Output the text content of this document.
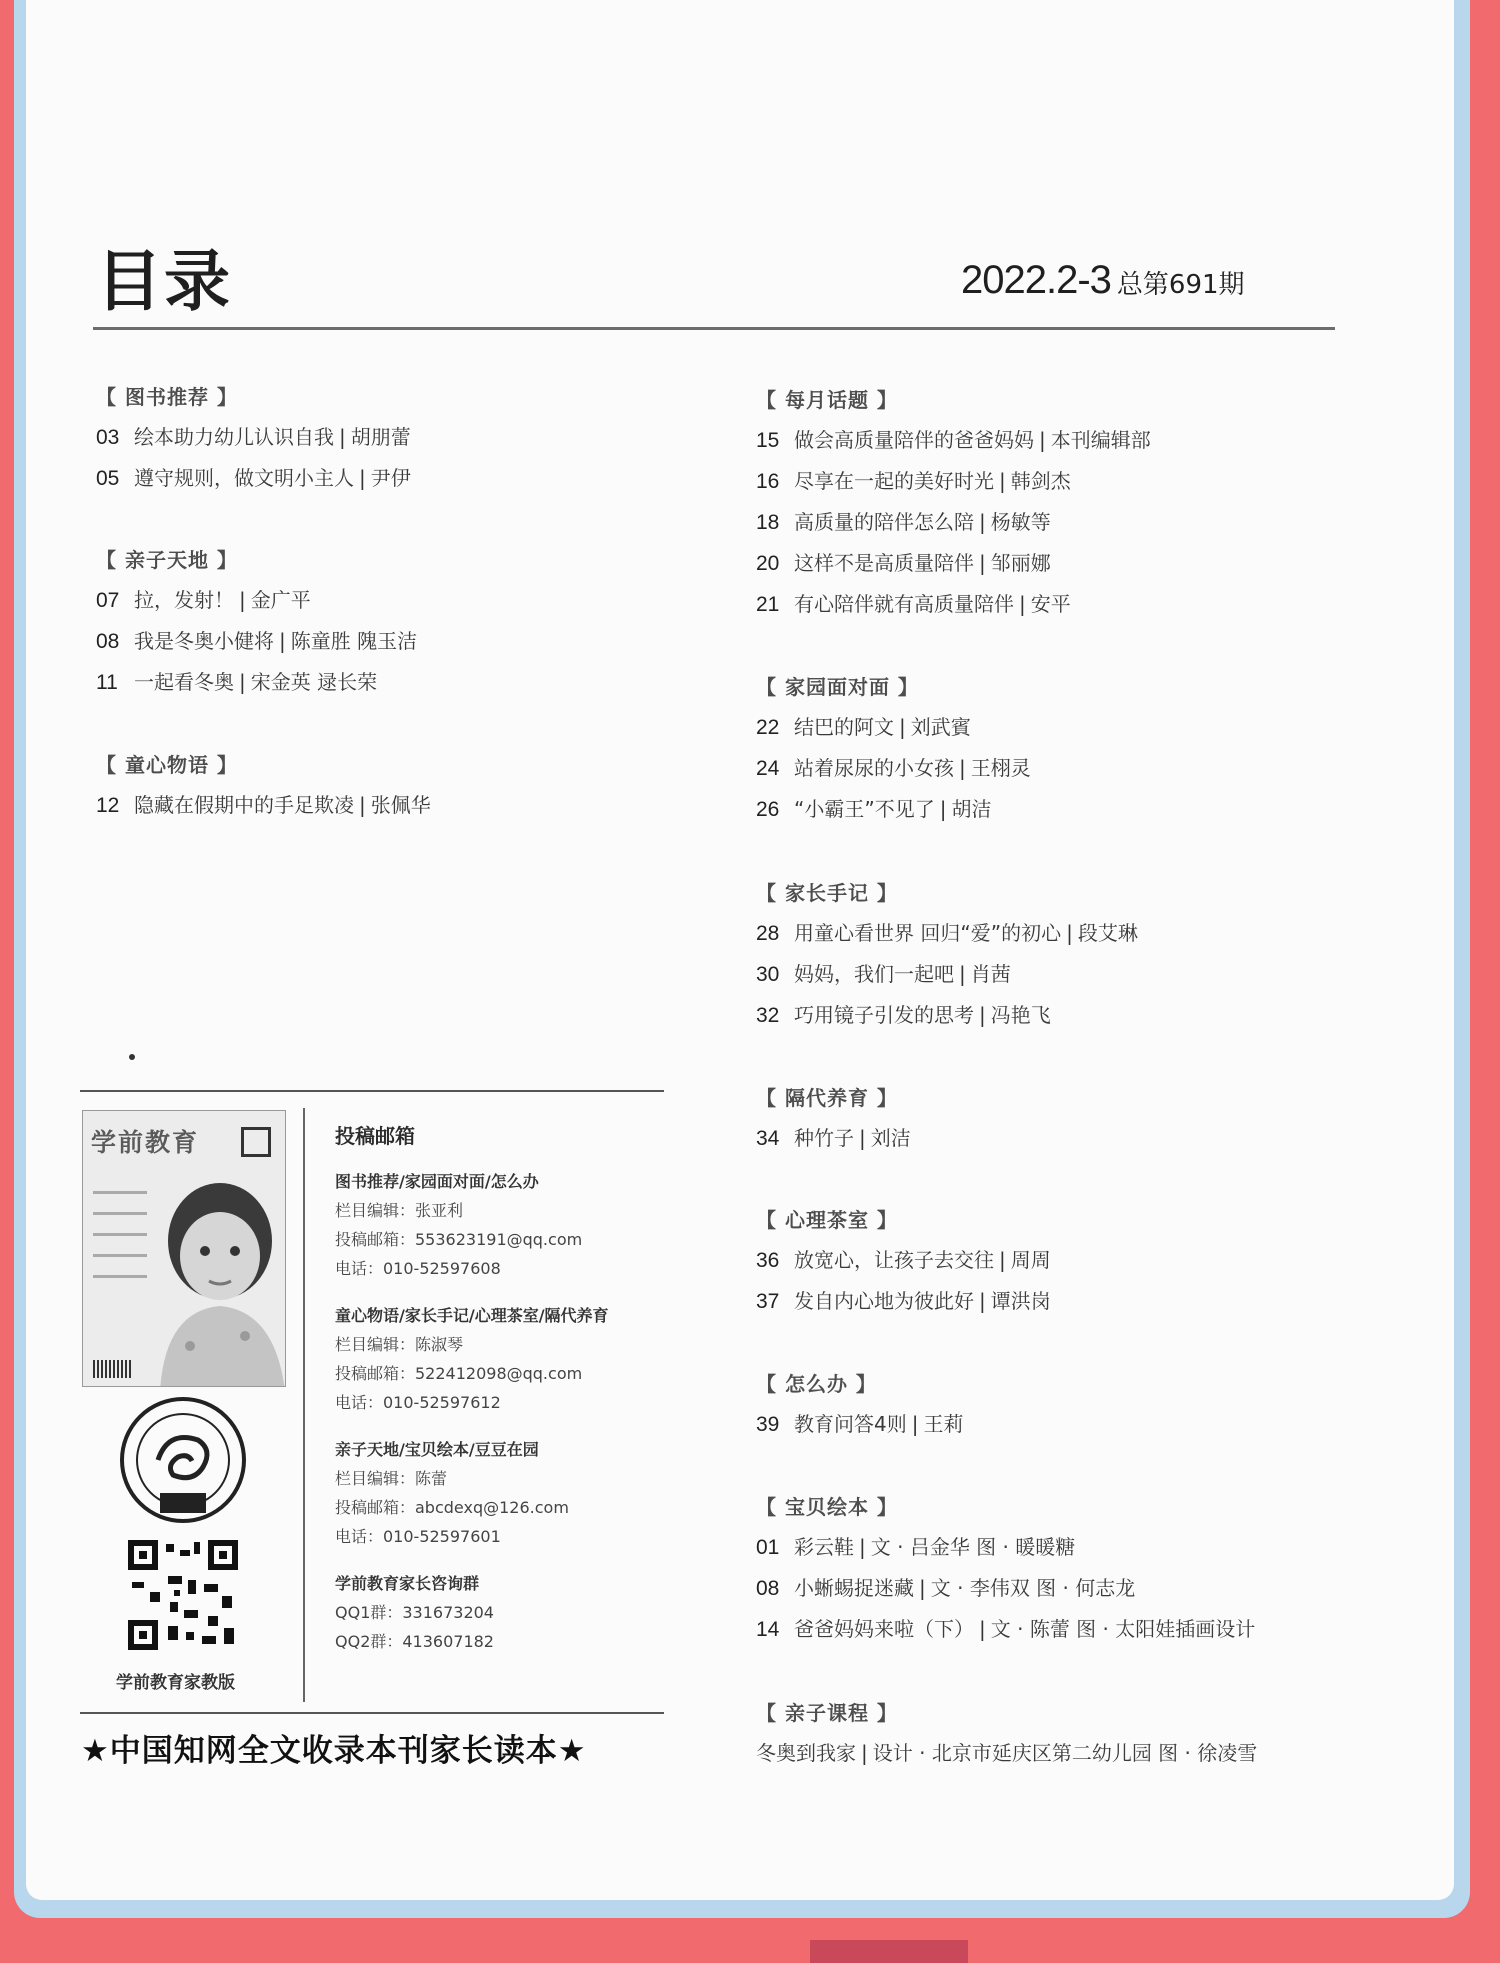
目录	2022.2-3 总第691期
【 图书推荐 】
03 绘本助力幼儿认识自我 | 胡朋蕾
05 遵守规则，做文明小主人 | 尹伊
【 亲子天地 】
07 拉，发射！ | 金广平
08 我是冬奥小健将 | 陈童胜 隗玉洁
11 一起看冬奥 | 宋金英 逯长荣
【 童心物语 】
12 隐藏在假期中的手足欺凌 | 张佩华
【 每月话题 】
15 做会高质量陪伴的爸爸妈妈 | 本刊编辑部
16 尽享在一起的美好时光 | 韩剑杰
18 高质量的陪伴怎么陪 | 杨敏等
20 这样不是高质量陪伴 | 邹丽娜
21 有心陪伴就有高质量陪伴 | 安平
【 家园面对面 】
22 结巴的阿文 | 刘武賓
24 站着尿尿的小女孩 | 王栩灵
26 “小霸王”不见了 | 胡洁
【 家长手记 】
28 用童心看世界 回归“爱”的初心 | 段艾琳
30 妈妈，我们一起吧 | 肖茜
32 巧用镜子引发的思考 | 冯艳飞
【 隔代养育 】
34 种竹子 | 刘洁
【 心理茶室 】
36 放宽心，让孩子去交往 | 周周
37 发自内心地为彼此好 | 谭洪岗
【 怎么办 】
39 教育问答4则 | 王莉
【 宝贝绘本 】
01 彩云鞋 | 文 · 吕金华 图 · 暖暖糖
08 小蜥蜴捉迷藏 | 文 · 李伟双 图 · 何志龙
14 爸爸妈妈来啦（下） | 文 · 陈蕾 图 · 太阳娃插画设计
【 亲子课程 】
冬奥到我家 | 设计 · 北京市延庆区第二幼儿园 图 · 徐凌雪
学前教育
学前教育家教版
投稿邮箱
图书推荐/家园面对面/怎么办
栏目编辑：张亚利
投稿邮箱：553623191@qq.com
电话：010-52597608
童心物语/家长手记/心理茶室/隔代养育
栏目编辑：陈淑琴
投稿邮箱：522412098@qq.com
电话：010-52597612
亲子天地/宝贝绘本/豆豆在园
栏目编辑：陈蕾
投稿邮箱：abcdexq@126.com
电话：010-52597601
学前教育家长咨询群
QQ1群：331673204
QQ2群：413607182
★中国知网全文收录本刊家长读本★
